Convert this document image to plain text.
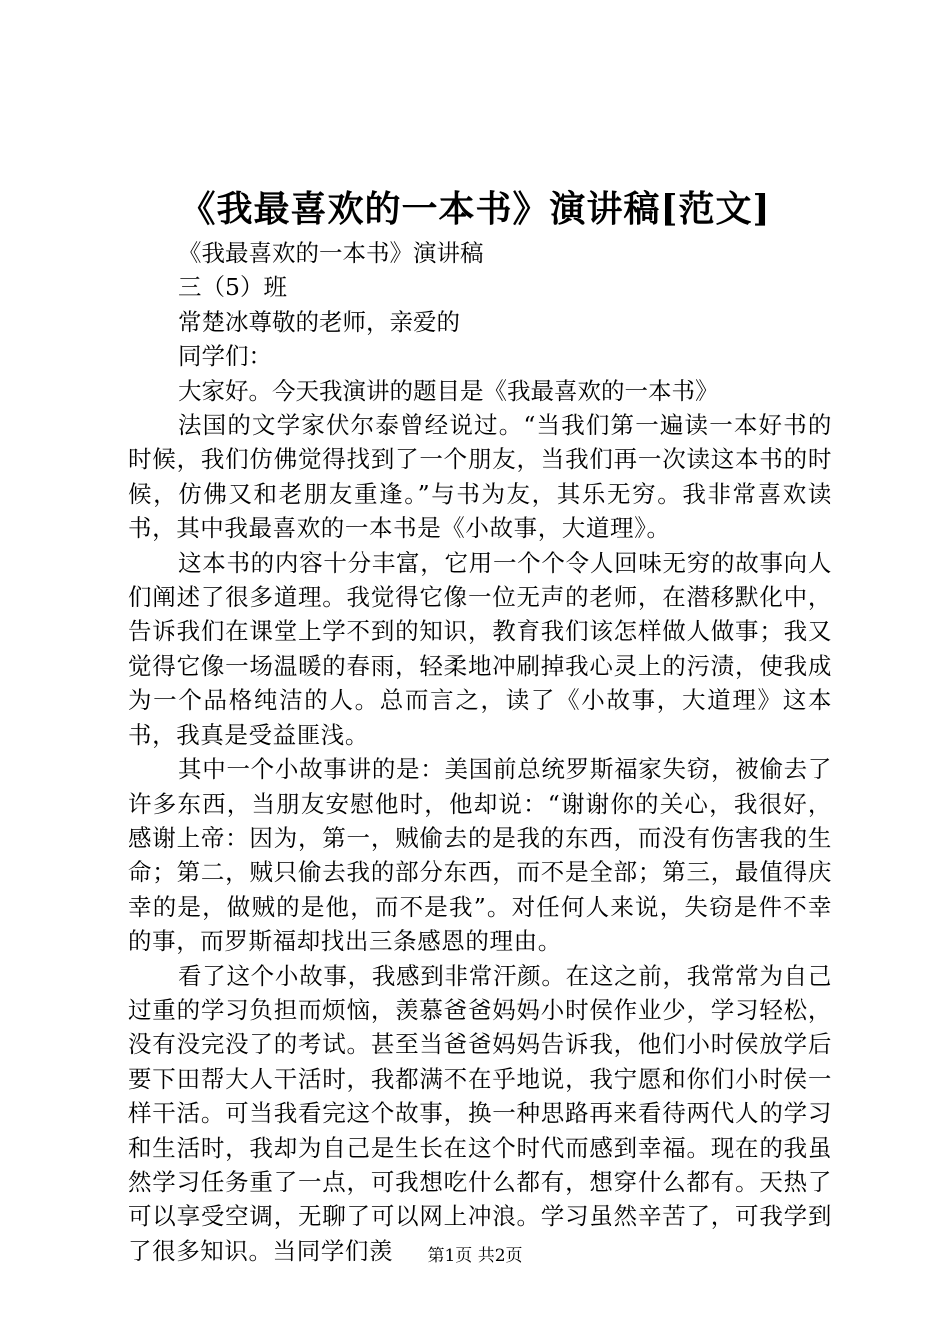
《我最喜欢的一本书》演讲稿[范文]

《我最喜欢的一本书》演讲稿

三（5）班

常楚冰尊敬的老师，亲爱的

同学们：

大家好。今天我演讲的题目是《我最喜欢的一本书》

法国的文学家伏尔泰曾经说过。“当我们第一遍读一本好书的时候，我们仿佛觉得找到了一个朋友，当我们再一次读这本书的时候，仿佛又和老朋友重逢。”与书为友，其乐无穷。我非常喜欢读书，其中我最喜欢的一本书是《小故事，大道理》。

这本书的内容十分丰富，它用一个个令人回味无穷的故事向人们阐述了很多道理。我觉得它像一位无声的老师，在潜移默化中，告诉我们在课堂上学不到的知识，教育我们该怎样做人做事；我又觉得它像一场温暖的春雨，轻柔地冲刷掉我心灵上的污渍，使我成为一个品格纯洁的人。总而言之，读了《小故事，大道理》这本书，我真是受益匪浅。

其中一个小故事讲的是：美国前总统罗斯福家失窃，被偷去了许多东西，当朋友安慰他时，他却说：“谢谢你的关心，我很好，感谢上帝：因为，第一，贼偷去的是我的东西，而没有伤害我的生命；第二，贼只偷去我的部分东西，而不是全部；第三，最值得庆幸的是，做贼的是他，而不是我”。对任何人来说，失窃是件不幸的事，而罗斯福却找出三条感恩的理由。

看了这个小故事，我感到非常汗颜。在这之前，我常常为自己过重的学习负担而烦恼，羡慕爸爸妈妈小时侯作业少，学习轻松，没有没完没了的考试。甚至当爸爸妈妈告诉我，他们小时侯放学后要下田帮大人干活时，我都满不在乎地说，我宁愿和你们小时侯一样干活。可当我看完这个故事，换一种思路再来看待两代人的学习和生活时，我却为自己是生长在这个时代而感到幸福。现在的我虽然学习任务重了一点，可我想吃什么都有，想穿什么都有。天热了可以享受空调，无聊了可以网上冲浪。学习虽然辛苦了，可我学到了很多知识。当同学们羡	第1页 共2页
